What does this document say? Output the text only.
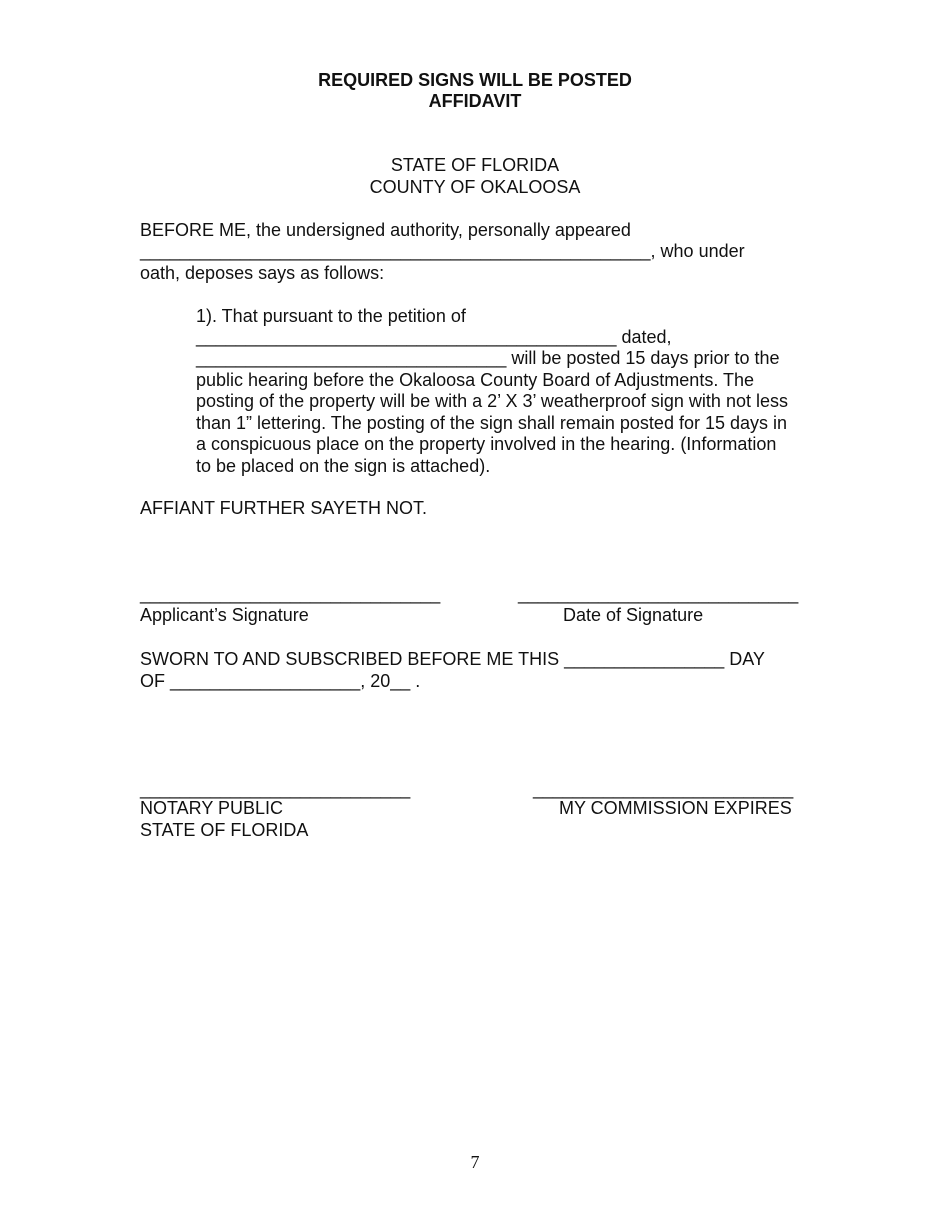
REQUIRED SIGNS WILL BE POSTED
AFFIDAVIT
STATE OF FLORIDA
COUNTY OF OKALOOSA
BEFORE ME, the undersigned authority, personally appeared
___________________________________________________, who under
oath, deposes says as follows:
1). That pursuant to the petition of
__________________________________________ dated,
_______________________________ will be posted 15 days prior to the
public hearing before the Okaloosa County Board of Adjustments. The
posting of the property will be with a 2’ X 3’ weatherproof sign with not less
than 1” lettering. The posting of the sign shall remain posted for 15 days in
a conspicuous place on the property involved in the hearing. (Information
to be placed on the sign is attached).
AFFIANT FURTHER SAYETH NOT.
______________________________	____________________________
Applicant’s Signature	Date of Signature
SWORN TO AND SUBSCRIBED BEFORE ME THIS ________________ DAY
OF ___________________, 20__ .
___________________________	__________________________
NOTARY PUBLIC	MY COMMISSION EXPIRES
STATE OF FLORIDA
7
